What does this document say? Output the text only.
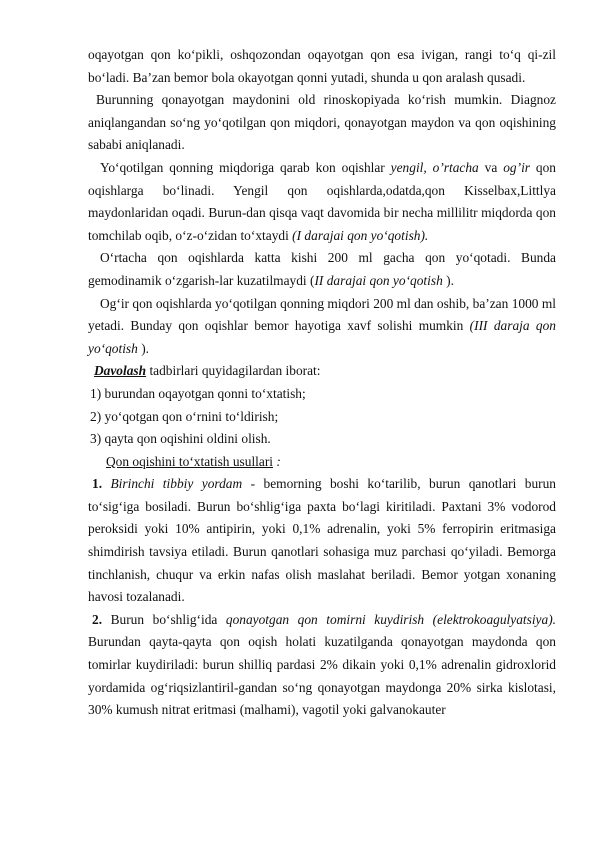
oqayotgan qon ko‘pikli, oshqozondan oqayotgan qon esa ivigan, rangi to‘q qi-zil bo‘ladi. Ba’zan bemor bola okayotgan qonni yutadi, shunda u qon aralash qusadi.

Burunning qonayotgan maydonini old rinoskopiyada ko‘rish mumkin. Diagnoz aniqlangandan so‘ng yo‘qotilgan qon miqdori, qonayotgan maydon va qon oqishining sababi aniqlanadi.

Yo‘qotilgan qonning miqdoriga qarab kon oqishlar yengil, o’rtacha va og’ir qon oqishlarga bo‘linadi. Yengil qon oqishlarda,odatda,qon Kisselbax,Littlya maydonlaridan oqadi. Burun-dan qisqa vaqt davomida bir necha millilitr miqdorda qon tomchilab oqib, o‘z-o‘zidan to‘xtaydi (I darajai qon yo‘qotish).

O‘rtacha qon oqishlarda katta kishi 200 ml gacha qon yo‘qotadi. Bunda gemodinamik o‘zgarish-lar kuzatilmaydi (II darajai qon yo‘qotish ).

Og‘ir qon oqishlarda yo‘qotilgan qonning miqdori 200 ml dan oshib, ba’zan 1000 ml yetadi. Bunday qon oqishlar bemor hayotiga xavf solishi mumkin (III daraja qon yo‘qotish ).

Davolash tadbirlari quyidagilardan iborat:

1) burundan oqayotgan qonni to‘xtatish;

2) yo‘qotgan qon o‘rnini to‘ldirish;

3) qayta qon oqishini oldini olish.

Qon oqishini to‘xtatish usullari :

1. Birinchi tibbiy yordam - bemorning boshi ko‘tarilib, burun qanotlari burun to‘sig‘iga bosiladi. Burun bo‘shlig‘iga paxta bo‘lagi kiritiladi. Paxtani 3% vodorod peroksidi yoki 10% antipirin, yoki 0,1% adrenalin, yoki 5% ferropirin eritmasiga shimdirish tavsiya etiladi. Burun qanotlari sohasiga muz parchasi qo‘yiladi. Bemorga tinchlanish, chuqur va erkin nafas olish maslahat beriladi. Bemor yotgan xonaning havosi tozalanadi.

2. Burun bo‘shlig‘ida qonayotgan qon tomirni kuydirish (elektrokoagulyatsiya). Burundan qayta-qayta qon oqish holati kuzatilganda qonayotgan maydonda qon tomirlar kuydiriladi: burun shilliq pardasi 2% dikain yoki 0,1% adrenalin gidroxlorid yordamida og‘riqsizlantiril-gandan so‘ng qonayotgan maydonga 20% sirka kislotasi, 30% kumush nitrat eritmasi (malhami), vagotil yoki galvanokauter
